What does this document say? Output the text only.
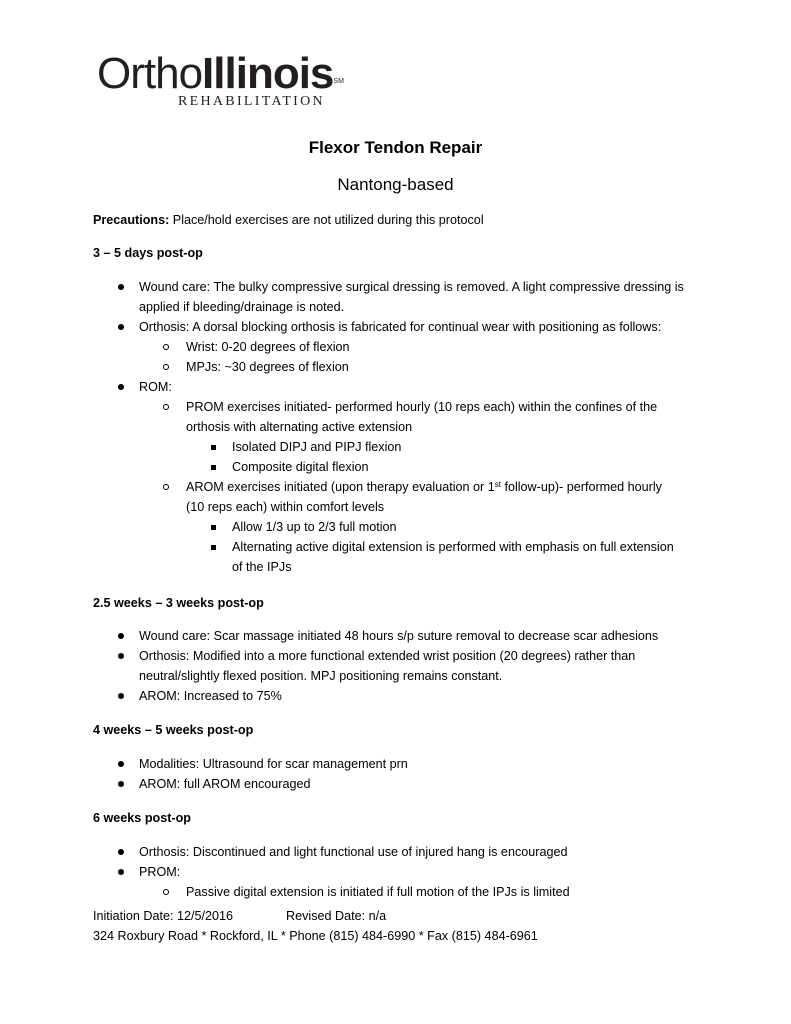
OrthoIllinois℠
REHABILITATION
Flexor Tendon Repair
Nantong-based
Precautions: Place/hold exercises are not utilized during this protocol
3 – 5 days post-op
Wound care: The bulky compressive surgical dressing is removed. A light compressive dressing is
applied if bleeding/drainage is noted.
Orthosis: A dorsal blocking orthosis is fabricated for continual wear with positioning as follows:
Wrist: 0-20 degrees of flexion
MPJs: ~30 degrees of flexion
ROM:
PROM exercises initiated- performed hourly (10 reps each) within the confines of the
orthosis with alternating active extension
Isolated DIPJ and PIPJ flexion
Composite digital flexion
AROM exercises initiated (upon therapy evaluation or 1st follow-up)- performed hourly
(10 reps each) within comfort levels
Allow 1/3 up to 2/3 full motion
Alternating active digital extension is performed with emphasis on full extension
of the IPJs
2.5 weeks – 3 weeks post-op
Wound care: Scar massage initiated 48 hours s/p suture removal to decrease scar adhesions
Orthosis: Modified into a more functional extended wrist position (20 degrees) rather than
neutral/slightly flexed position. MPJ positioning remains constant.
AROM: Increased to 75%
4 weeks – 5 weeks post-op
Modalities: Ultrasound for scar management prn
AROM: full AROM encouraged
6 weeks post-op
Orthosis: Discontinued and light functional use of injured hang is encouraged
PROM:
Passive digital extension is initiated if full motion of the IPJs is limited
Initiation Date: 12/5/2016	Revised Date: n/a
324 Roxbury Road * Rockford, IL * Phone (815) 484-6990 * Fax (815) 484-6961
